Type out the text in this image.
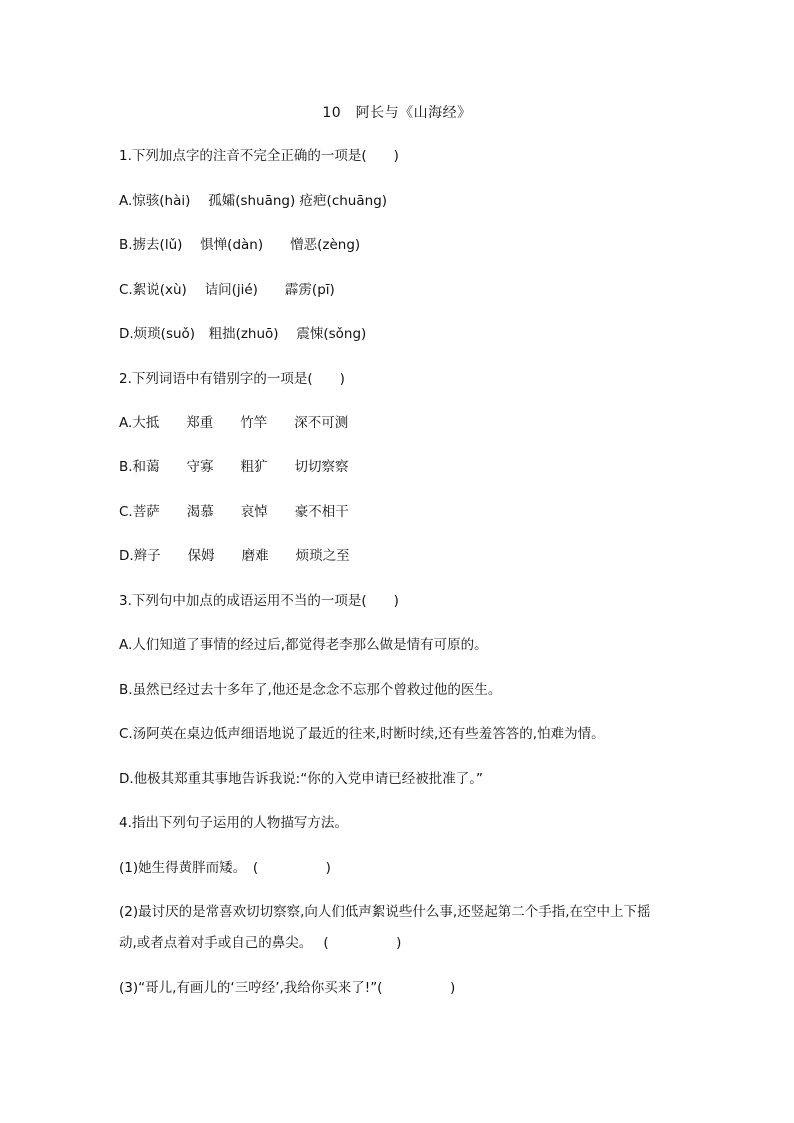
10　阿长与《山海经》
1.下列加点字的注音不完全正确的一项是(　　)
A.惊骇(hài)　 孤孀(shuāng) 疮疤(chuāng)
B.掳去(lǔ)　 惧惮(dàn)　　憎恶(zèng)
C.絮说(xù)　 诘问(jié)　　霹雳(pī)
D.烦琐(suǒ)　粗拙(zhuō)　 震悚(sǒng)
2.下列词语中有错别字的一项是(　　)
A.大抵　　郑重　　竹竿　　深不可测
B.和蔼　　守寡　　粗犷　　切切察察
C.菩萨　　渴慕　　哀悼　　豪不相干
D.辫子　　保姆　　磨难　　烦琐之至
3.下列句中加点的成语运用不当的一项是(　　)
A.人们知道了事情的经过后,都觉得老李那么做是情有可原的。
B.虽然已经过去十多年了,他还是念念不忘那个曾救过他的医生。
C.汤阿英在桌边低声细语地说了最近的往来,时断时续,还有些羞答答的,怕难为情。
D.他极其郑重其事地告诉我说:“你的入党申请已经被批准了。”
4.指出下列句子运用的人物描写方法。
(1)她生得黄胖而矮。　(　　　　　)
(2)最讨厌的是常喜欢切切察察,向人们低声絮说些什么事,还竖起第二个手指,在空中上下摇
动,或者点着对手或自己的鼻尖。　 (　　　　　)
(3)“哥儿,有画儿的‘三哼经’,我给你买来了!”(　　　　　)
